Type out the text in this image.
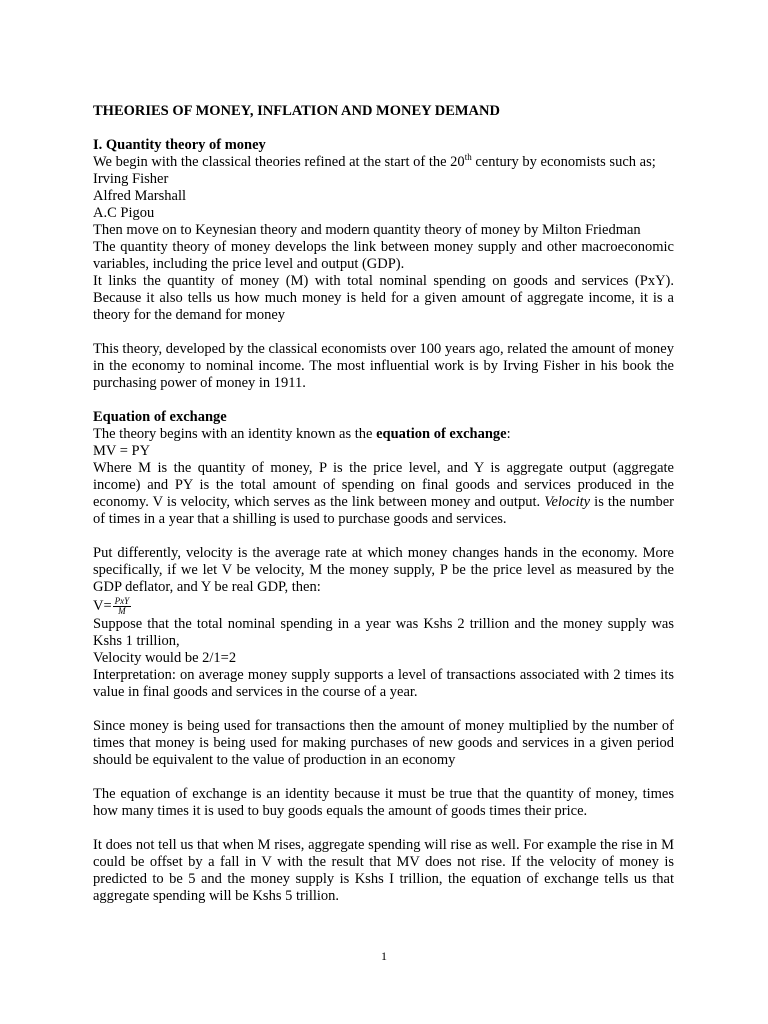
THEORIES OF MONEY, INFLATION AND MONEY DEMAND

I. Quantity theory of money

We begin with the classical theories refined at the start of the 20th century by economists such as;

Irving Fisher

Alfred Marshall

A.C Pigou

Then move on to Keynesian theory and modern quantity theory of money by Milton Friedman

The quantity theory of money develops the link between money supply and other macroeconomic variables, including the price level and output (GDP).

It links the quantity of money (M) with total nominal spending on goods and services (PxY). Because it also tells us how much money is held for a given amount of aggregate income, it is a theory for the demand for money

This theory, developed by the classical economists over 100 years ago, related the amount of money in the economy to nominal income. The most influential work is by Irving Fisher in his book the purchasing power of money in 1911.

Equation of exchange

The theory begins with an identity known as the equation of exchange:

MV = PY

Where M is the quantity of money, P is the price level, and Y is aggregate output (aggregate income) and PY is the total amount of spending on final goods and services produced in the economy. V is velocity, which serves as the link between money and output. Velocity is the number of times in a year that a shilling is used to purchase goods and services.

Put differently, velocity is the average rate at which money changes hands in the economy. More specifically, if we let V be velocity, M the money supply, P be the price level as measured by the GDP deflator, and Y be real GDP, then:

$V= \frac{\text{PxY}}{M}$

Suppose that the total nominal spending in a year was Kshs 2 trillion and the money supply was Kshs 1 trillion,

Velocity would be 2/1=2

Interpretation: on average money supply supports a level of transactions associated with 2 times its value in final goods and services in the course of a year.

Since money is being used for transactions then the amount of money multiplied by the number of times that money is being used for making purchases of new goods and services in a given period should be equivalent to the value of production in an economy

The equation of exchange is an identity because it must be true that the quantity of money, times how many times it is used to buy goods equals the amount of goods times their price.

It does not tell us that when M rises, aggregate spending will rise as well. For example the rise in M could be offset by a fall in V with the result that MV does not rise. If the velocity of money is predicted to be 5 and the money supply is Kshs I trillion, the equation of exchange tells us that aggregate spending will be Kshs 5 trillion.

1
